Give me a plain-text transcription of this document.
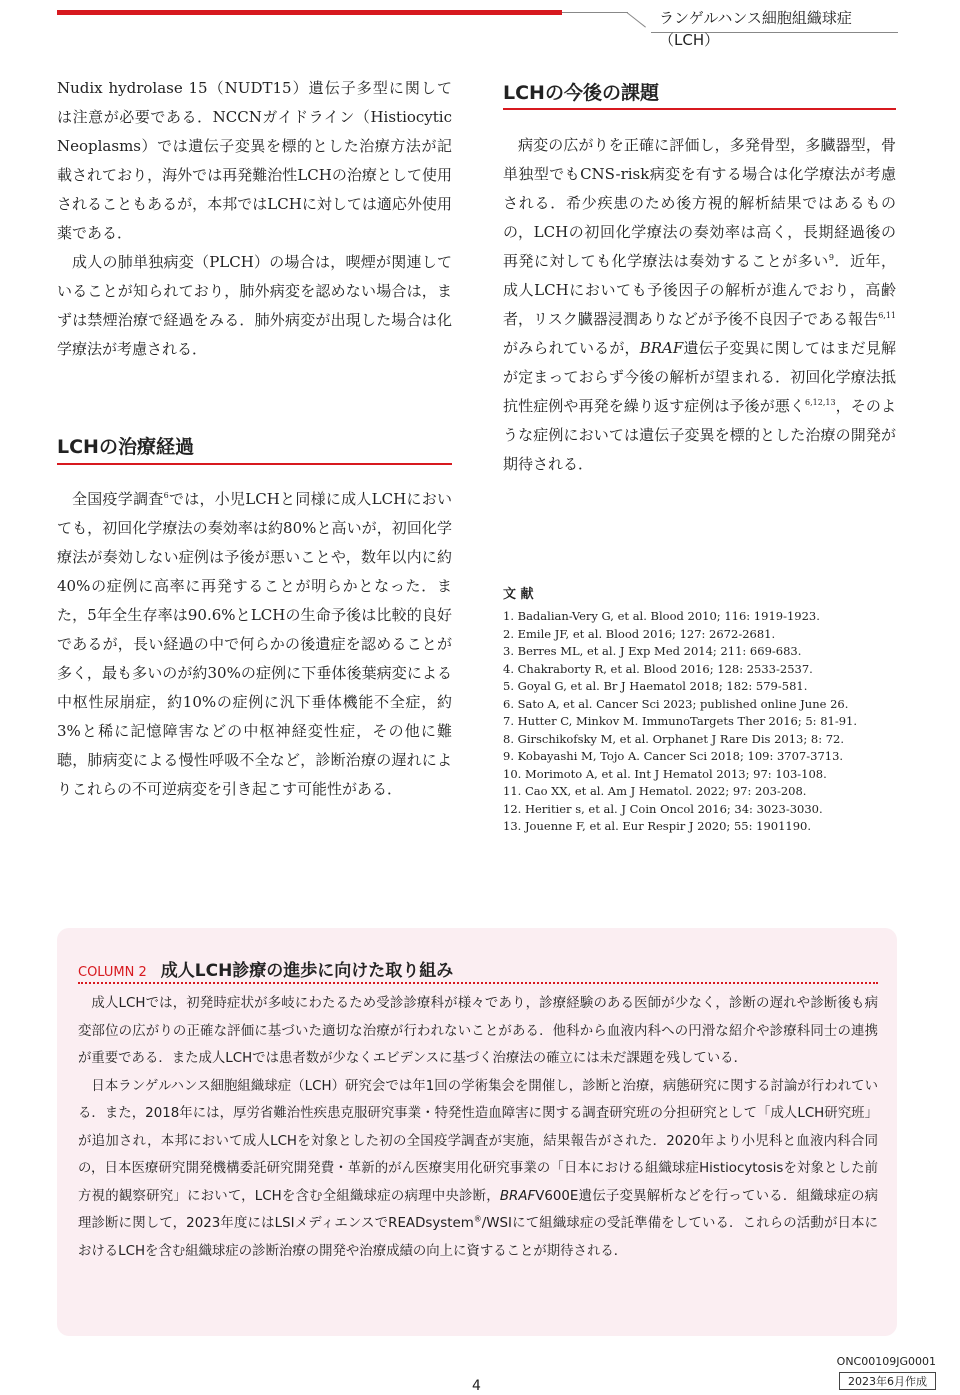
ランゲルハンス細胞組織球症（LCH）

Nudix hydrolase 15（NUDT15）遺伝子多型に関しては注意が必要である．NCCNガイドライン（Histiocytic Neoplasms）では遺伝子変異を標的とした治療方法が記載されており，海外では再発難治性LCHの治療として使用されることもあるが，本邦ではLCHに対しては適応外使用薬である．

成人の肺単独病変（PLCH）の場合は，喫煙が関連していることが知られており，肺外病変を認めない場合は，まずは禁煙治療で経過をみる．肺外病変が出現した場合は化学療法が考慮される．

LCHの治療経過

全国疫学調査$^6$では，小児LCHと同様に成人LCHにおいても，初回化学療法の奏効率は約80%と高いが，初回化学療法が奏効しない症例は予後が悪いことや，数年以内に約40%の症例に高率に再発することが明らかとなった．また，5年全生存率は90.6%とLCHの生命予後は比較的良好であるが，長い経過の中で何らかの後遺症を認めることが多く，最も多いのが約30%の症例に下垂体後葉病変による中枢性尿崩症，約10%の症例に汎下垂体機能不全症，約3%と稀に記憶障害などの中枢神経変性症，その他に難聴，肺病変による慢性呼吸不全など，診断治療の遅れによりこれらの不可逆病変を引き起こす可能性がある．

LCHの今後の課題

病変の広がりを正確に評価し，多発骨型，多臓器型，骨単独型でもCNS-risk病変を有する場合は化学療法が考慮される．希少疾患のため後方視的解析結果ではあるものの，LCHの初回化学療法の奏効率は高く，長期経過後の再発に対しても化学療法は奏効することが多い$^9$．近年，成人LCHにおいても予後因子の解析が進んでおり，高齢者，リスク臓器浸潤ありなどが予後不良因子である報告$^{6,11}$がみられているが，BRAF遺伝子変異に関してはまだ見解が定まっておらず今後の解析が望まれる．初回化学療法抵抗性症例や再発を繰り返す症例は予後が悪く$^{6,12,13}$，そのような症例においては遺伝子変異を標的とした治療の開発が期待される．

文 献
1. Badalian-Very G, et al. Blood 2010; 116: 1919-1923.
2. Emile JF, et al. Blood 2016; 127: 2672-2681.
3. Berres ML, et al. J Exp Med 2014; 211: 669-683.
4. Chakraborty R, et al. Blood 2016; 128: 2533-2537.
5. Goyal G, et al. Br J Haematol 2018; 182: 579-581.
6. Sato A, et al. Cancer Sci 2023; published online June 26.
7. Hutter C, Minkov M. ImmunoTargets Ther 2016; 5: 81-91.
8. Girschikofsky M, et al. Orphanet J Rare Dis 2013; 8: 72.
9. Kobayashi M, Tojo A. Cancer Sci 2018; 109: 3707-3713.
10. Morimoto A, et al. Int J Hematol 2013; 97: 103-108.
11. Cao XX, et al. Am J Hematol. 2022; 97: 203-208.
12. Heritier s, et al. J Coin Oncol 2016; 34: 3023-3030.
13. Jouenne F, et al. Eur Respir J 2020; 55: 1901190.
COLUMN 2 成人LCH診療の進歩に向けた取り組み

成人LCHでは，初発時症状が多岐にわたるため受診診療科が様々であり，診療経験のある医師が少なく，診断の遅れや診断後も病変部位の広がりの正確な評価に基づいた適切な治療が行われないことがある．他科から血液内科への円滑な紹介や診療科同士の連携が重要である．また成人LCHでは患者数が少なくエビデンスに基づく治療法の確立には未だ課題を残している．

日本ランゲルハンス細胞組織球症（LCH）研究会では年1回の学術集会を開催し，診断と治療，病態研究に関する討論が行われている．また，2018年には，厚労省難治性疾患克服研究事業・特発性造血障害に関する調査研究班の分担研究として「成人LCH研究班」が追加され，本邦において成人LCHを対象とした初の全国疫学調査が実施，結果報告がされた．2020年より小児科と血液内科合同の，日本医療研究開発機構委託研究開発費・革新的がん医療実用化研究事業の「日本における組織球症Histiocytosisを対象とした前方視的観察研究」において，LCHを含む全組織球症の病理中央診断，BRAFV600E遺伝子変異解析などを行っている．組織球症の病理診断に関して，2023年度にはLSIメディエンスでREADsystem®/WSIにて組織球症の受託準備をしている．これらの活動が日本におけるLCHを含む組織球症の診断治療の開発や治療成績の向上に資することが期待される．

ONC00109JG0001
2023年6月作成
4
